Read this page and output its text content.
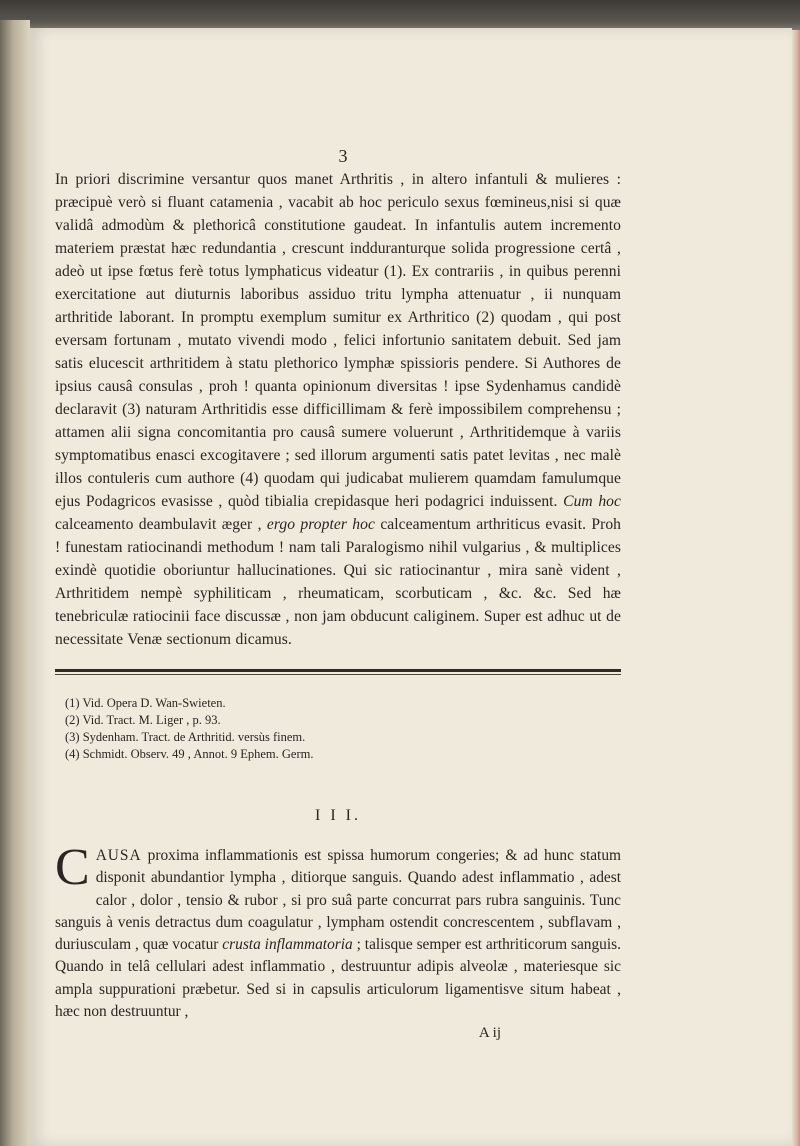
3

In priori discrimine versantur quos manet Arthritis , in altero infantuli & mulieres : præcipuè verò si fluant catamenia , vacabit ab hoc periculo sexus fœmineus,nisi si quæ validâ admodùm & plethoricâ constitutione gaudeat. In infantulis autem incremento materiem præstat hæc redundantia , crescunt indduranturque solida progressione certâ , adeò ut ipse fœtus ferè totus lymphaticus videatur (1). Ex contrariis , in quibus perenni exercitatione aut diuturnis laboribus assiduo tritu lympha attenuatur , ii nunquam arthritide laborant. In promptu exemplum sumitur ex Arthritico (2) quodam , qui post eversam fortunam , mutato vivendi modo , felici infortunio sanitatem debuit. Sed jam satis elucescit arthritidem à statu plethorico lymphæ spissioris pendere. Si Authores de ipsius causâ consulas , proh ! quanta opinionum diversitas ! ipse Sydenhamus candidè declaravit (3) naturam Arthritidis esse difficillimam & ferè impossibilem comprehensu ; attamen alii signa concomitantia pro causâ sumere voluerunt , Arthritidemque à variis symptomatibus enasci excogitavere ; sed illorum argumenti satis patet levitas , nec malè illos contuleris cum authore (4) quodam qui judicabat mulierem quamdam famulumque ejus Podagricos evasisse , quòd tibialia crepidasque heri podagrici induissent. Cum hoc calceamento deambulavit æger , ergo propter hoc calceamentum arthriticus evasit. Proh ! funestam ratiocinandi methodum ! nam tali Paralogismo nihil vulgarius , & multiplices exindè quotidie oboriuntur hallucinationes. Qui sic ratiocinantur , mira sanè vident , Arthritidem nempè syphiliticam , rheumaticam, scorbuticam , &c. &c. Sed hæ tenebriculæ ratiocinii face discussæ , non jam obducunt caliginem. Super est adhuc ut de necessitate Venæ sectionum dicamus.

(1) Vid. Opera D. Wan-Swieten.
(2) Vid. Tract. M. Liger , p. 93.
(3) Sydenham. Tract. de Arthritid. versùs finem.
(4) Schmidt. Observ. 49 , Annot. 9 Ephem. Germ.
I I I.
C AUSA proxima inflammationis est spissa humorum congeries; & ad hunc statum disponit abundantior lympha , ditiorque sanguis. Quando adest inflammatio , adest calor , dolor , tensio & rubor , si pro suâ parte concurrat pars rubra sanguinis. Tunc sanguis à venis detractus dum coagulatur , lympham ostendit concrescentem , subflavam , duriusculam , quæ vocatur crusta inflammatoria ; talisque semper est arthriticorum sanguis. Quando in telâ cellulari adest inflammatio , destruuntur adipis alveolæ , materiesque sic ampla suppurationi præbetur. Sed si in capsulis articulorum ligamentisve situm habeat , hæc non destruuntur ,
A ij
